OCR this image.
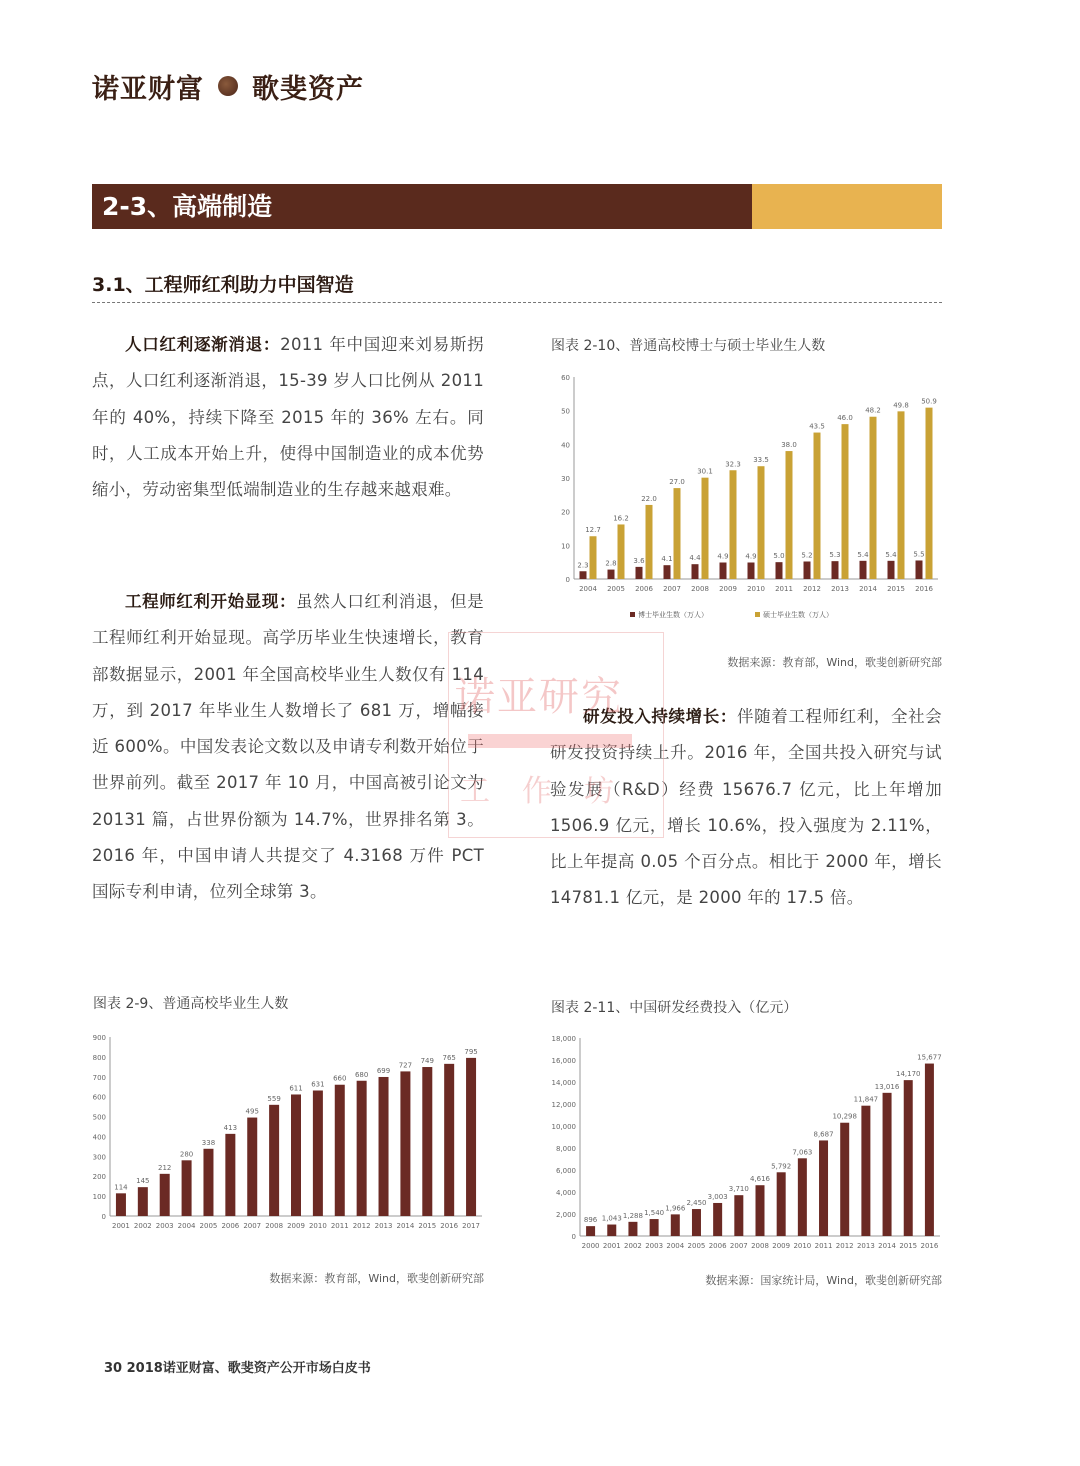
诺亚财富 歌斐资产
2-3、高端制造
3.1、工程师红利助力中国智造
人口红利逐渐消退：2011 年中国迎来刘易斯拐点，人口红利逐渐消退，15-39 岁人口比例从 2011 年的 40%，持续下降至 2015 年的 36% 左右。同时，人工成本开始上升，使得中国制造业的成本优势缩小，劳动密集型低端制造业的生存越来越艰难。
工程师红利开始显现：虽然人口红利消退，但是工程师红利开始显现。高学历毕业生快速增长，教育部数据显示，2001 年全国高校毕业生人数仅有 114 万，到 2017 年毕业生人数增长了 681 万，增幅接近 600%。中国发表论文数以及申请专利数开始位于世界前列。截至 2017 年 10 月，中国高被引论文为 20131 篇，占世界份额为 14.7%，世界排名第 3。2016 年，中国申请人共提交了 4.3168 万件 PCT 国际专利申请，位列全球第 3。
研发投入持续增长：伴随着工程师红利，全社会研发投资持续上升。2016 年，全国共投入研究与试验发展（R&D）经费 15676.7 亿元，比上年增加 1506.9 亿元，增长 10.6%，投入强度为 2.11%，比上年提高 0.05 个百分点。相比于 2000 年，增长 14781.1 亿元，是 2000 年的 17.5 倍。
诺亚研究
工作坊
图表 2-10、普通高校博士与硕士毕业生人数
0
10
20
30
40
50
60
2004 2005 2006 2007 2008 2009 2010 2011 2012 2013 2014 2015 2016
2.3 2.8 3.6 4.1 4.4 4.9 4.9 5.0 5.2 5.3 5.4 5.4 5.5
12.7
16.2
22.0
27.0
30.1
32.3
33.5
38.0
43.5
46.0
48.2
49.8 50.9
博士毕业生数（万人）	硕士毕业生数（万人）
数据来源：教育部，Wind，歌斐创新研究部
图表 2-9、普通高校毕业生人数
0
100
200
300
400
500
600
700
800
900
2001 2002 2003 2004 2005 2006 2007 2008 2009 2010 2011 2012 2013 2014 2015 2016 2017
114
145
212
280
338
413
495
559
611 631
660 680 699
727
749 765
795
数据来源：教育部，Wind，歌斐创新研究部
图表 2-11、中国研发经费投入（亿元）
0
2,000
4,000
6,000
8,000
10,000
12,000
14,000
16,000
18,000
2000 2001 2002 2003 2004 2005 2006 2007 2008 2009 2010 2011 2012 2013 2014 2015 2016
896 1,043 1,288 1,540
1,966
2,450
3,003
3,710
4,616
5,792
7,063
8,687
10,298
11,847
13,016
14,170
15,677
数据来源：国家统计局，Wind，歌斐创新研究部
30 2018诺亚财富、歌斐资产公开市场白皮书
